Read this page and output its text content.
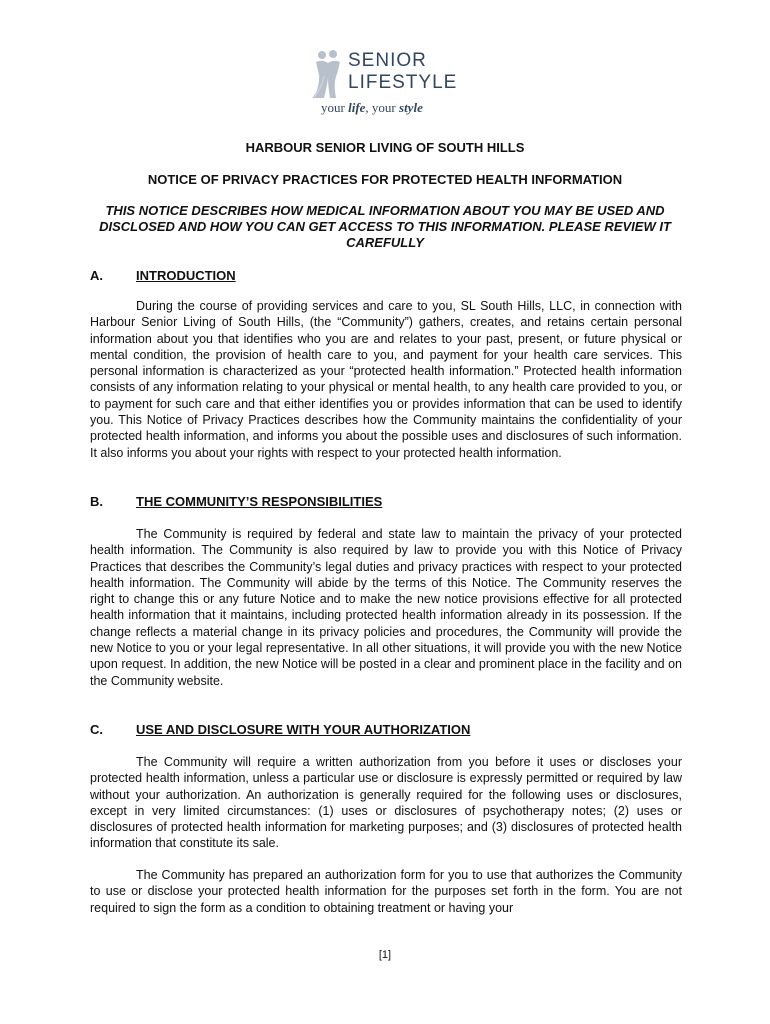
SENIOR
LIFESTYLE
your life, your style
HARBOUR SENIOR LIVING OF SOUTH HILLS
NOTICE OF PRIVACY PRACTICES FOR PROTECTED HEALTH INFORMATION
THIS NOTICE DESCRIBES HOW MEDICAL INFORMATION ABOUT YOU MAY BE USED AND DISCLOSED AND HOW YOU CAN GET ACCESS TO THIS INFORMATION. PLEASE REVIEW IT CAREFULLY
A.	INTRODUCTION
During the course of providing services and care to you, SL South Hills, LLC, in connection with Harbour Senior Living of South Hills, (the “Community”) gathers, creates, and retains certain personal information about you that identifies who you are and relates to your past, present, or future physical or mental condition, the provision of health care to you, and payment for your health care services. This personal information is characterized as your “protected health information.” Protected health information consists of any information relating to your physical or mental health, to any health care provided to you, or to payment for such care and that either identifies you or provides information that can be used to identify you. This Notice of Privacy Practices describes how the Community maintains the confidentiality of your protected health information, and informs you about the possible uses and disclosures of such information. It also informs you about your rights with respect to your protected health information.
B.	THE COMMUNITY’S RESPONSIBILITIES
The Community is required by federal and state law to maintain the privacy of your protected health information. The Community is also required by law to provide you with this Notice of Privacy Practices that describes the Community’s legal duties and privacy practices with respect to your protected health information. The Community will abide by the terms of this Notice. The Community reserves the right to change this or any future Notice and to make the new notice provisions effective for all protected health information that it maintains, including protected health information already in its possession. If the change reflects a material change in its privacy policies and procedures, the Community will provide the new Notice to you or your legal representative. In all other situations, it will provide you with the new Notice upon request. In addition, the new Notice will be posted in a clear and prominent place in the facility and on the Community website.
C.	USE AND DISCLOSURE WITH YOUR AUTHORIZATION
The Community will require a written authorization from you before it uses or discloses your protected health information, unless a particular use or disclosure is expressly permitted or required by law without your authorization. An authorization is generally required for the following uses or disclosures, except in very limited circumstances: (1) uses or disclosures of psychotherapy notes; (2) uses or disclosures of protected health information for marketing purposes; and (3) disclosures of protected health information that constitute its sale.
The Community has prepared an authorization form for you to use that authorizes the Community to use or disclose your protected health information for the purposes set forth in the form. You are not required to sign the form as a condition to obtaining treatment or having your
[1]
